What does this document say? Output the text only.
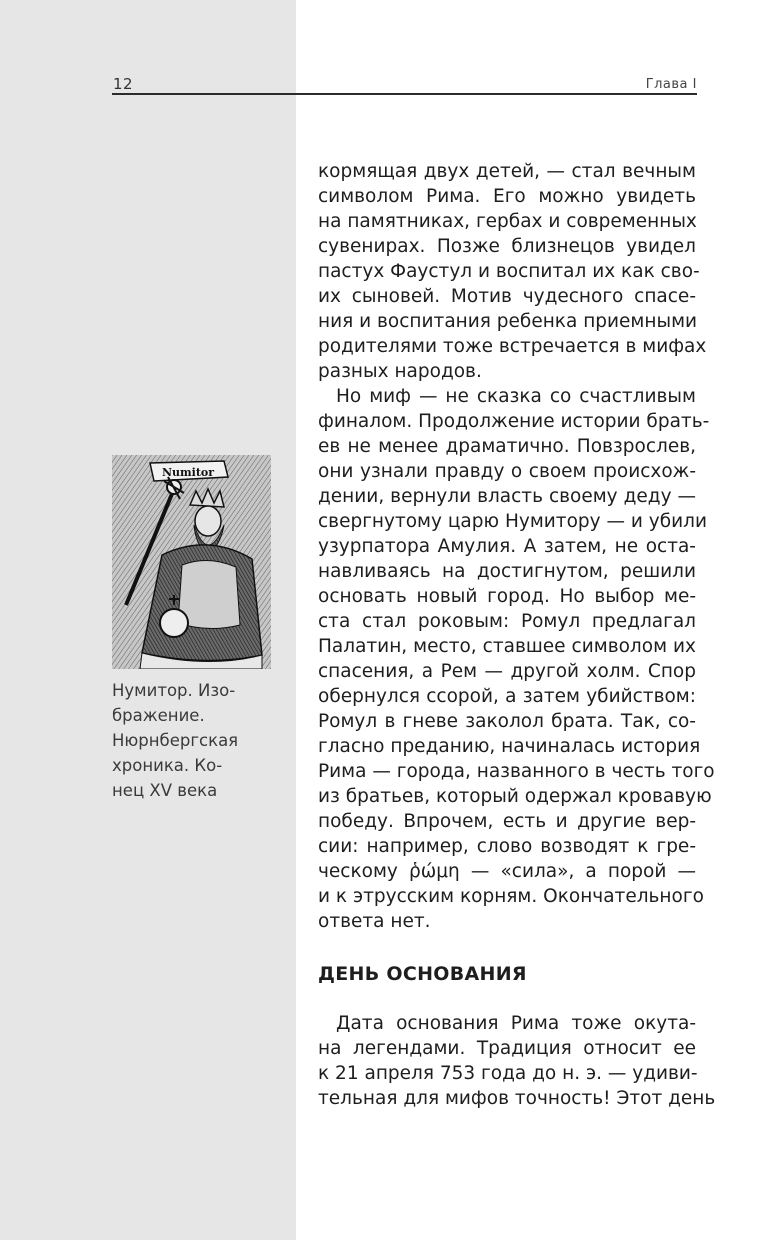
12	Глава I
Numitor

Нумитор. Изо-
бражение.
Нюрнбергская
хроника. Ко-
нец XV века

кормящая двух детей, — стал вечным
символом Рима. Его можно увидеть
на памятниках, гербах и современных
сувенирах. Позже близнецов увидел
пастух Фаустул и воспитал их как сво-
их сыновей. Мотив чудесного спасе-
ния и воспитания ребенка приемными
родителями тоже встречается в мифах
разных народов.
Но миф — не сказка со счастливым
финалом. Продолжение истории брать-
ев не менее драматично. Повзрослев,
они узнали правду о своем происхож-
дении, вернули власть своему деду —
свергнутому царю Нумитору — и убили
узурпатора Амулия. А затем, не оста-
навливаясь на достигнутом, решили
основать новый город. Но выбор ме-
ста стал роковым: Ромул предлагал
Палатин, место, ставшее символом их
спасения, а Рем — другой холм. Спор
обернулся ссорой, а затем убийством:
Ромул в гневе заколол брата. Так, со-
гласно преданию, начиналась история
Рима — города, названного в честь того
из братьев, который одержал кровавую
победу. Впрочем, есть и другие вер-
сии: например, слово возводят к гре-
ческому ῥώμη — «сила», а порой —
и к этрусским корням. Окончательного
ответа нет.

ДЕНЬ ОСНОВАНИЯ

Дата основания Рима тоже окута-
на легендами. Традиция относит ее
к 21 апреля 753 года до н. э. — удиви-
тельная для мифов точность! Этот день
